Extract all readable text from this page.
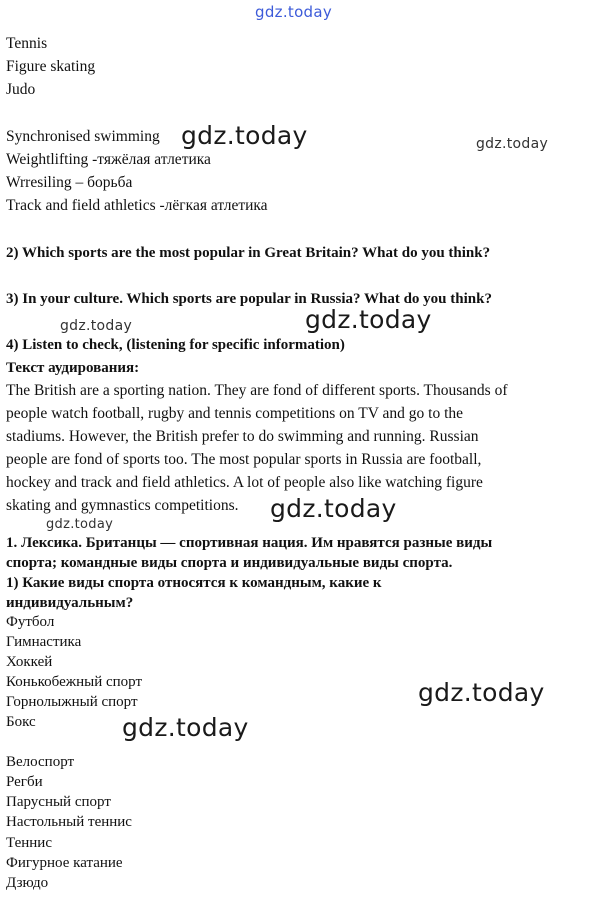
gdz.today
gdz.today	gdz.today
gdz.today	gdz.today
gdz.today
gdz.today
gdz.today
gdz.today
Tennis
Figure skating
Judo
Synchronised swimming
Weightlifting -тяжёлая атлетика
Wrresiling – борьба
Track and field athletics -лёгкая атлетика
2) Which sports are the most popular in Great Britain? What do you think?
3) In your culture. Which sports are popular in Russia? What do you think?
4) Listen to check, (listening for specific information)
Текст аудирования:
The British are a sporting nation. They are fond of different sports. Thousands of
people watch football, rugby and tennis competitions on TV and go to the
stadiums. However, the British prefer to do swimming and running. Russian
people are fond of sports too. The most popular sports in Russia are football,
hockey and track and field athletics. A lot of people also like watching figure
skating and gymnastics competitions.
1. Лексика. Британцы — спортивная нация. Им нравятся разные виды
спорта; командные виды спорта и индивидуальные виды спорта.
1) Какие виды спорта относятся к командным, какие к
индивидуальным?
Футбол
Гимнастика
Хоккей
Конькобежный спорт
Горнолыжный спорт
Бокс
Велоспорт
Регби
Парусный спорт
Настольный теннис
Теннис
Фигурное катание
Дзюдо
